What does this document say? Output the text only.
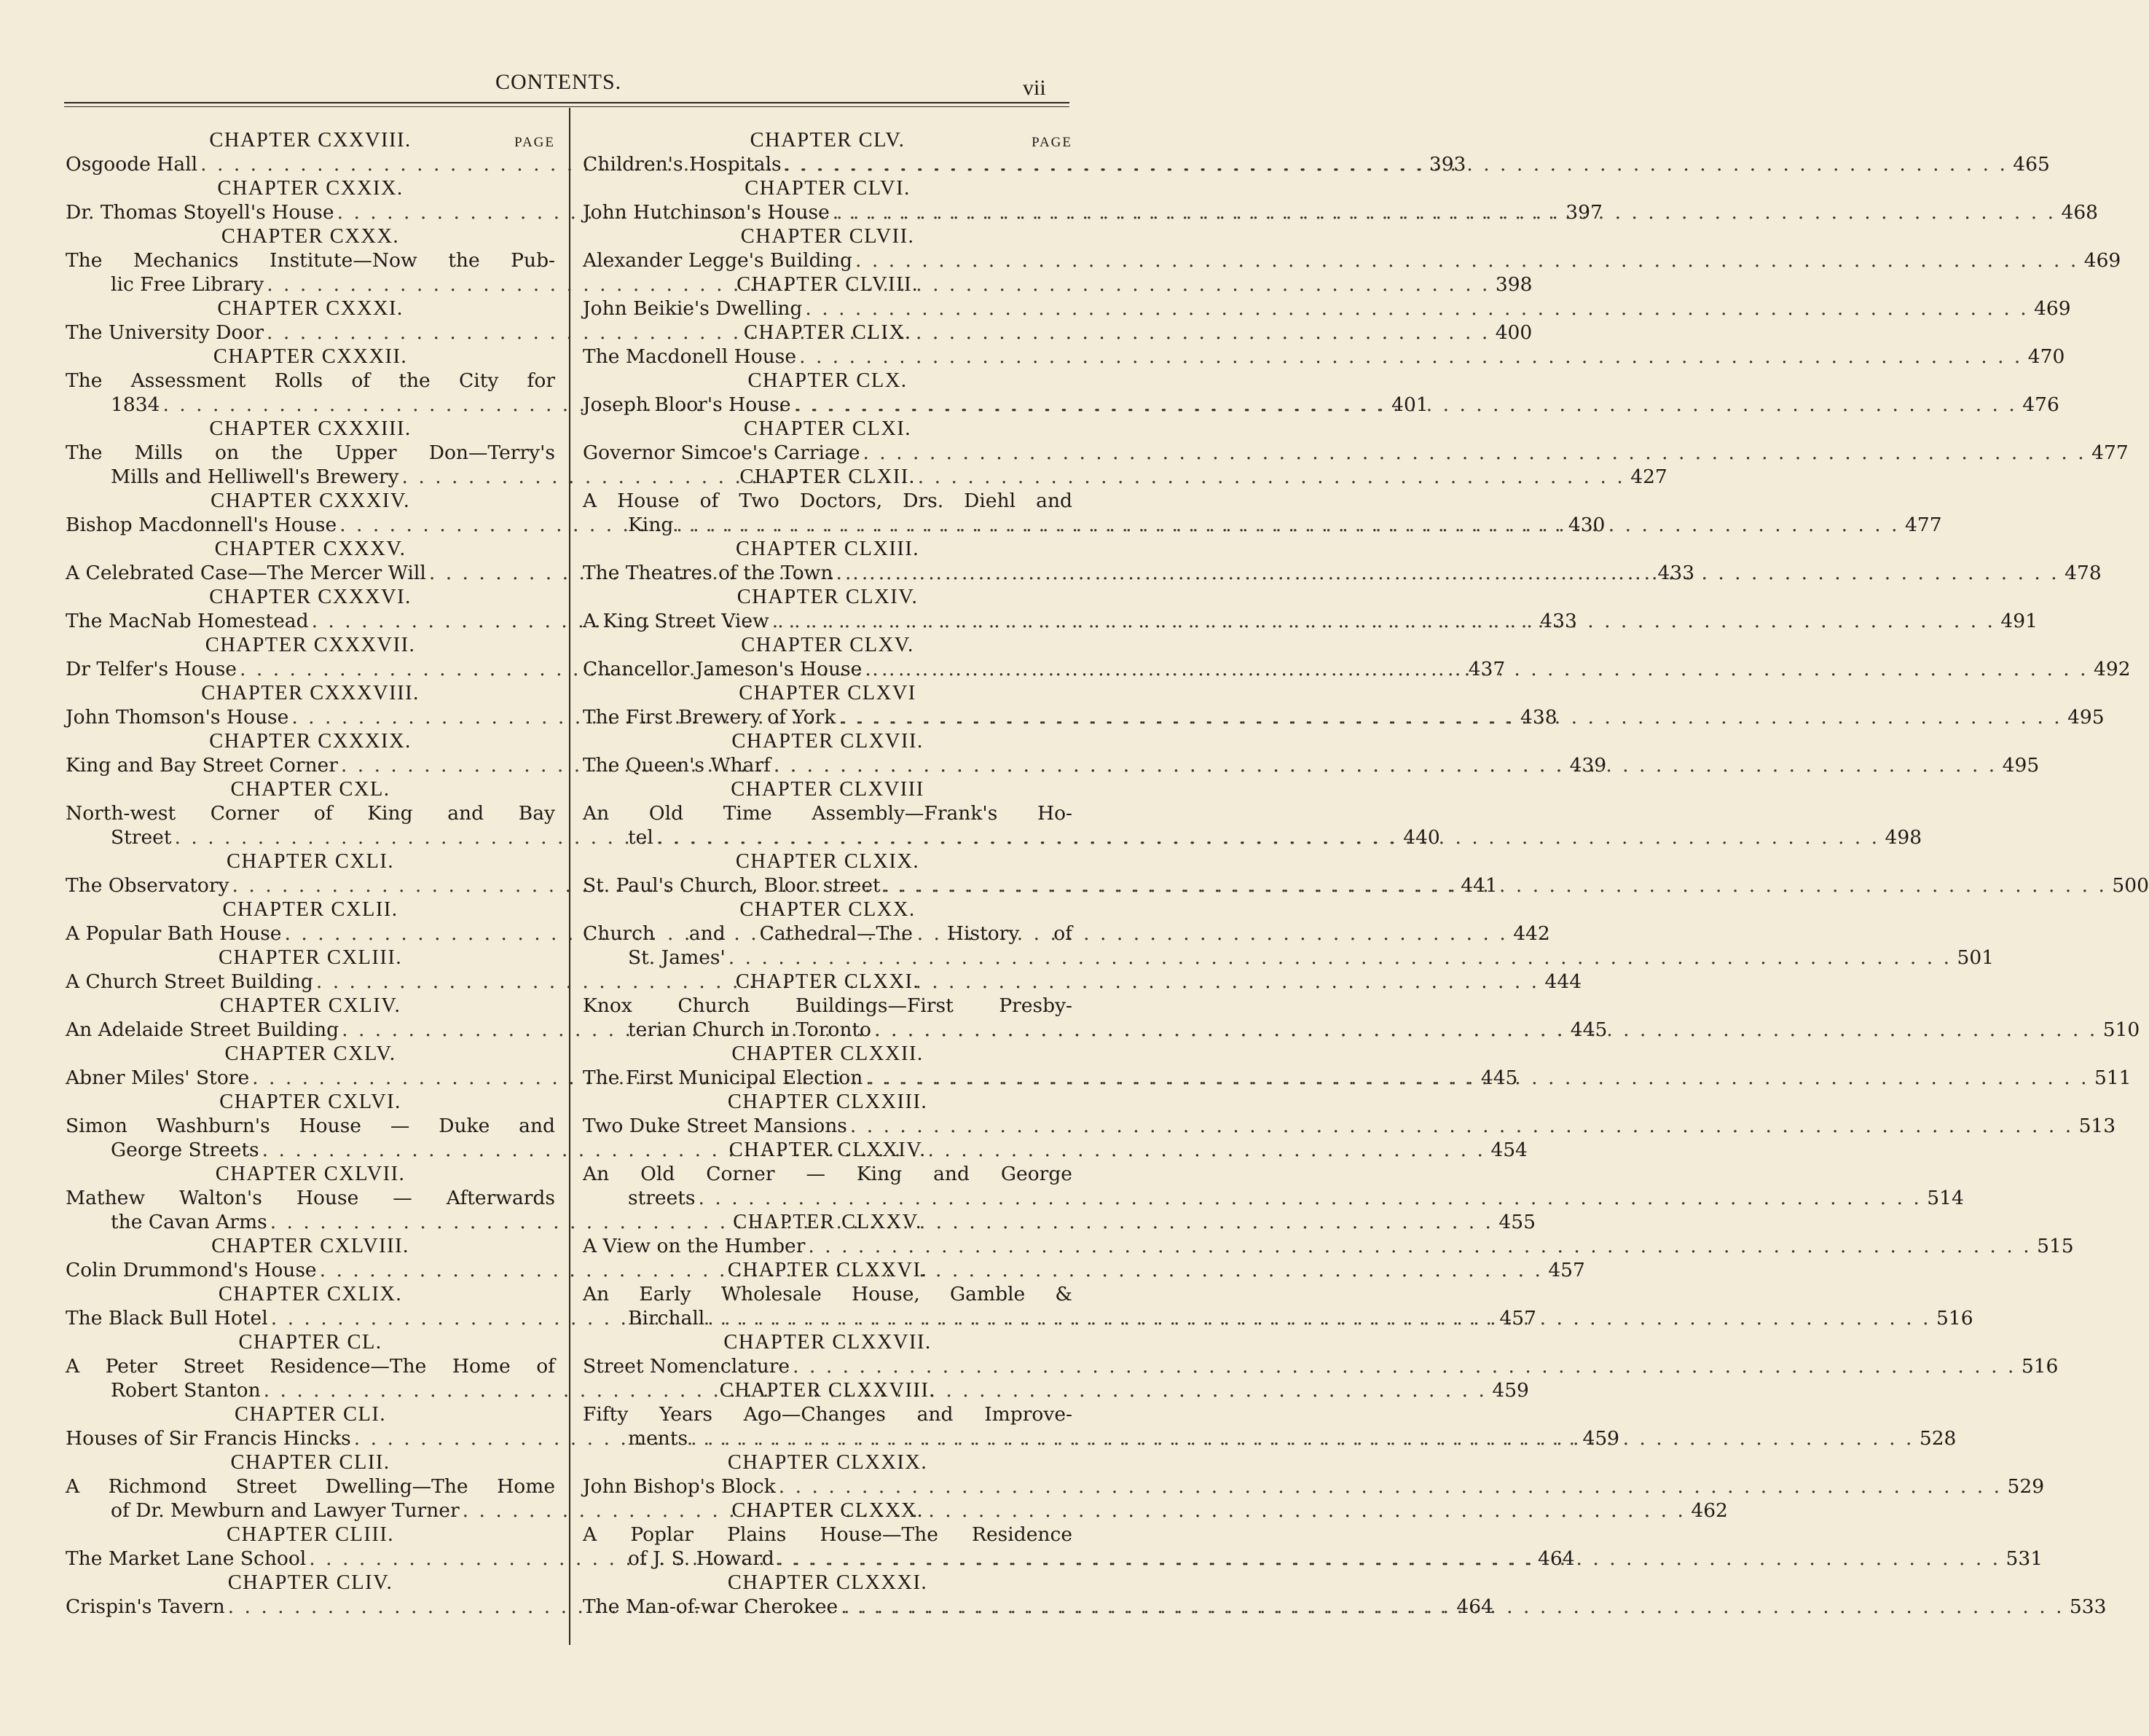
CONTENTS.	vii
CHAPTER CXXVIII.	PAGE
Osgoode Hall . . .	393
CHAPTER CXXIX.
Dr. Thomas Stoyell's House . . .	397
CHAPTER CXXX.
The Mechanics Institute—Now the Pub-
lic Free Library . . .	398
CHAPTER CXXXI.
The University Door . . .	400
CHAPTER CXXXII.
The Assessment Rolls of the City for
1834 . . .	401
CHAPTER CXXXIII.
The Mills on the Upper Don—Terry's
Mills and Helliwell's Brewery . . .	427
CHAPTER CXXXIV.
Bishop Macdonnell's House . . .	430
CHAPTER CXXXV.
A Celebrated Case—The Mercer Will . . .	433
CHAPTER CXXXVI.
The MacNab Homestead . . .	433
CHAPTER CXXXVII.
Dr Telfer's House . . .	437
CHAPTER CXXXVIII.
John Thomson's House . . .	438
CHAPTER CXXXIX.
King and Bay Street Corner . . .	439
CHAPTER CXL.
North-west Corner of King and Bay
Street . . .	440
CHAPTER CXLI.
The Observatory . . .	441
CHAPTER CXLII.
A Popular Bath House . . .	442
CHAPTER CXLIII.
A Church Street Building . . .	444
CHAPTER CXLIV.
An Adelaide Street Building . . .	445
CHAPTER CXLV.
Abner Miles' Store . . .	445
CHAPTER CXLVI.
Simon Washburn's House — Duke and
George Streets . . .	454
CHAPTER CXLVII.
Mathew Walton's House — Afterwards
the Cavan Arms . . .	455
CHAPTER CXLVIII.
Colin Drummond's House . . .	457
CHAPTER CXLIX.
The Black Bull Hotel . . .	457
CHAPTER CL.
A Peter Street Residence—The Home of
Robert Stanton . . .	459
CHAPTER CLI.
Houses of Sir Francis Hincks . . .	459
CHAPTER CLII.
A Richmond Street Dwelling—The Home
of Dr. Mewburn and Lawyer Turner . . .	462
CHAPTER CLIII.
The Market Lane School . . .	464
CHAPTER CLIV.
Crispin's Tavern . . .	464
CHAPTER CLV.	PAGE
Children's Hospitals . . .	465
CHAPTER CLVI.
John Hutchinson's House . . .	468
CHAPTER CLVII.
Alexander Legge's Building . . .	469
CHAPTER CLVIII.
John Beikie's Dwelling . . .	469
CHAPTER CLIX.
The Macdonell House . . .	470
CHAPTER CLX.
Joseph Bloor's House . . .	476
CHAPTER CLXI.
Governor Simcoe's Carriage . . .	477
CHAPTER CLXII.
A House of Two Doctors, Drs. Diehl and
King . . .	477
CHAPTER CLXIII.
The Theatres of the Town . . .	478
CHAPTER CLXIV.
A King Street View . . .	491
CHAPTER CLXV.
Chancellor Jameson's House . . .	492
CHAPTER CLXVI
The First Brewery of York . . .	495
CHAPTER CLXVII.
The Queen's Wharf . . .	495
CHAPTER CLXVIII
An Old Time Assembly—Frank's Ho-
tel . . .	498
CHAPTER CLXIX.
St. Paul's Church, Bloor street . . .	500
CHAPTER CLXX.
Church and Cathedral—The History of
St. James' . . .	501
CHAPTER CLXXI.
Knox Church Buildings—First Presby-
terian Church in Toronto . . .	510
CHAPTER CLXXII.
The First Municipal Election . . .	511
CHAPTER CLXXIII.
Two Duke Street Mansions . . .	513
CHAPTER CLXXIV.
An Old Corner — King and George
streets . . .	514
CHAPTER CLXXV.
A View on the Humber . . .	515
CHAPTER CLXXVI.
An Early Wholesale House, Gamble &
Birchall . . .	516
CHAPTER CLXXVII.
Street Nomenclature . . .	516
CHAPTER CLXXVIII.
Fifty Years Ago—Changes and Improve-
ments . . .	528
CHAPTER CLXXIX.
John Bishop's Block . . .	529
CHAPTER CLXXX.
A Poplar Plains House—The Residence
of J. S. Howard . . .	531
CHAPTER CLXXXI.
The Man-of-war Cherokee . . .	533
